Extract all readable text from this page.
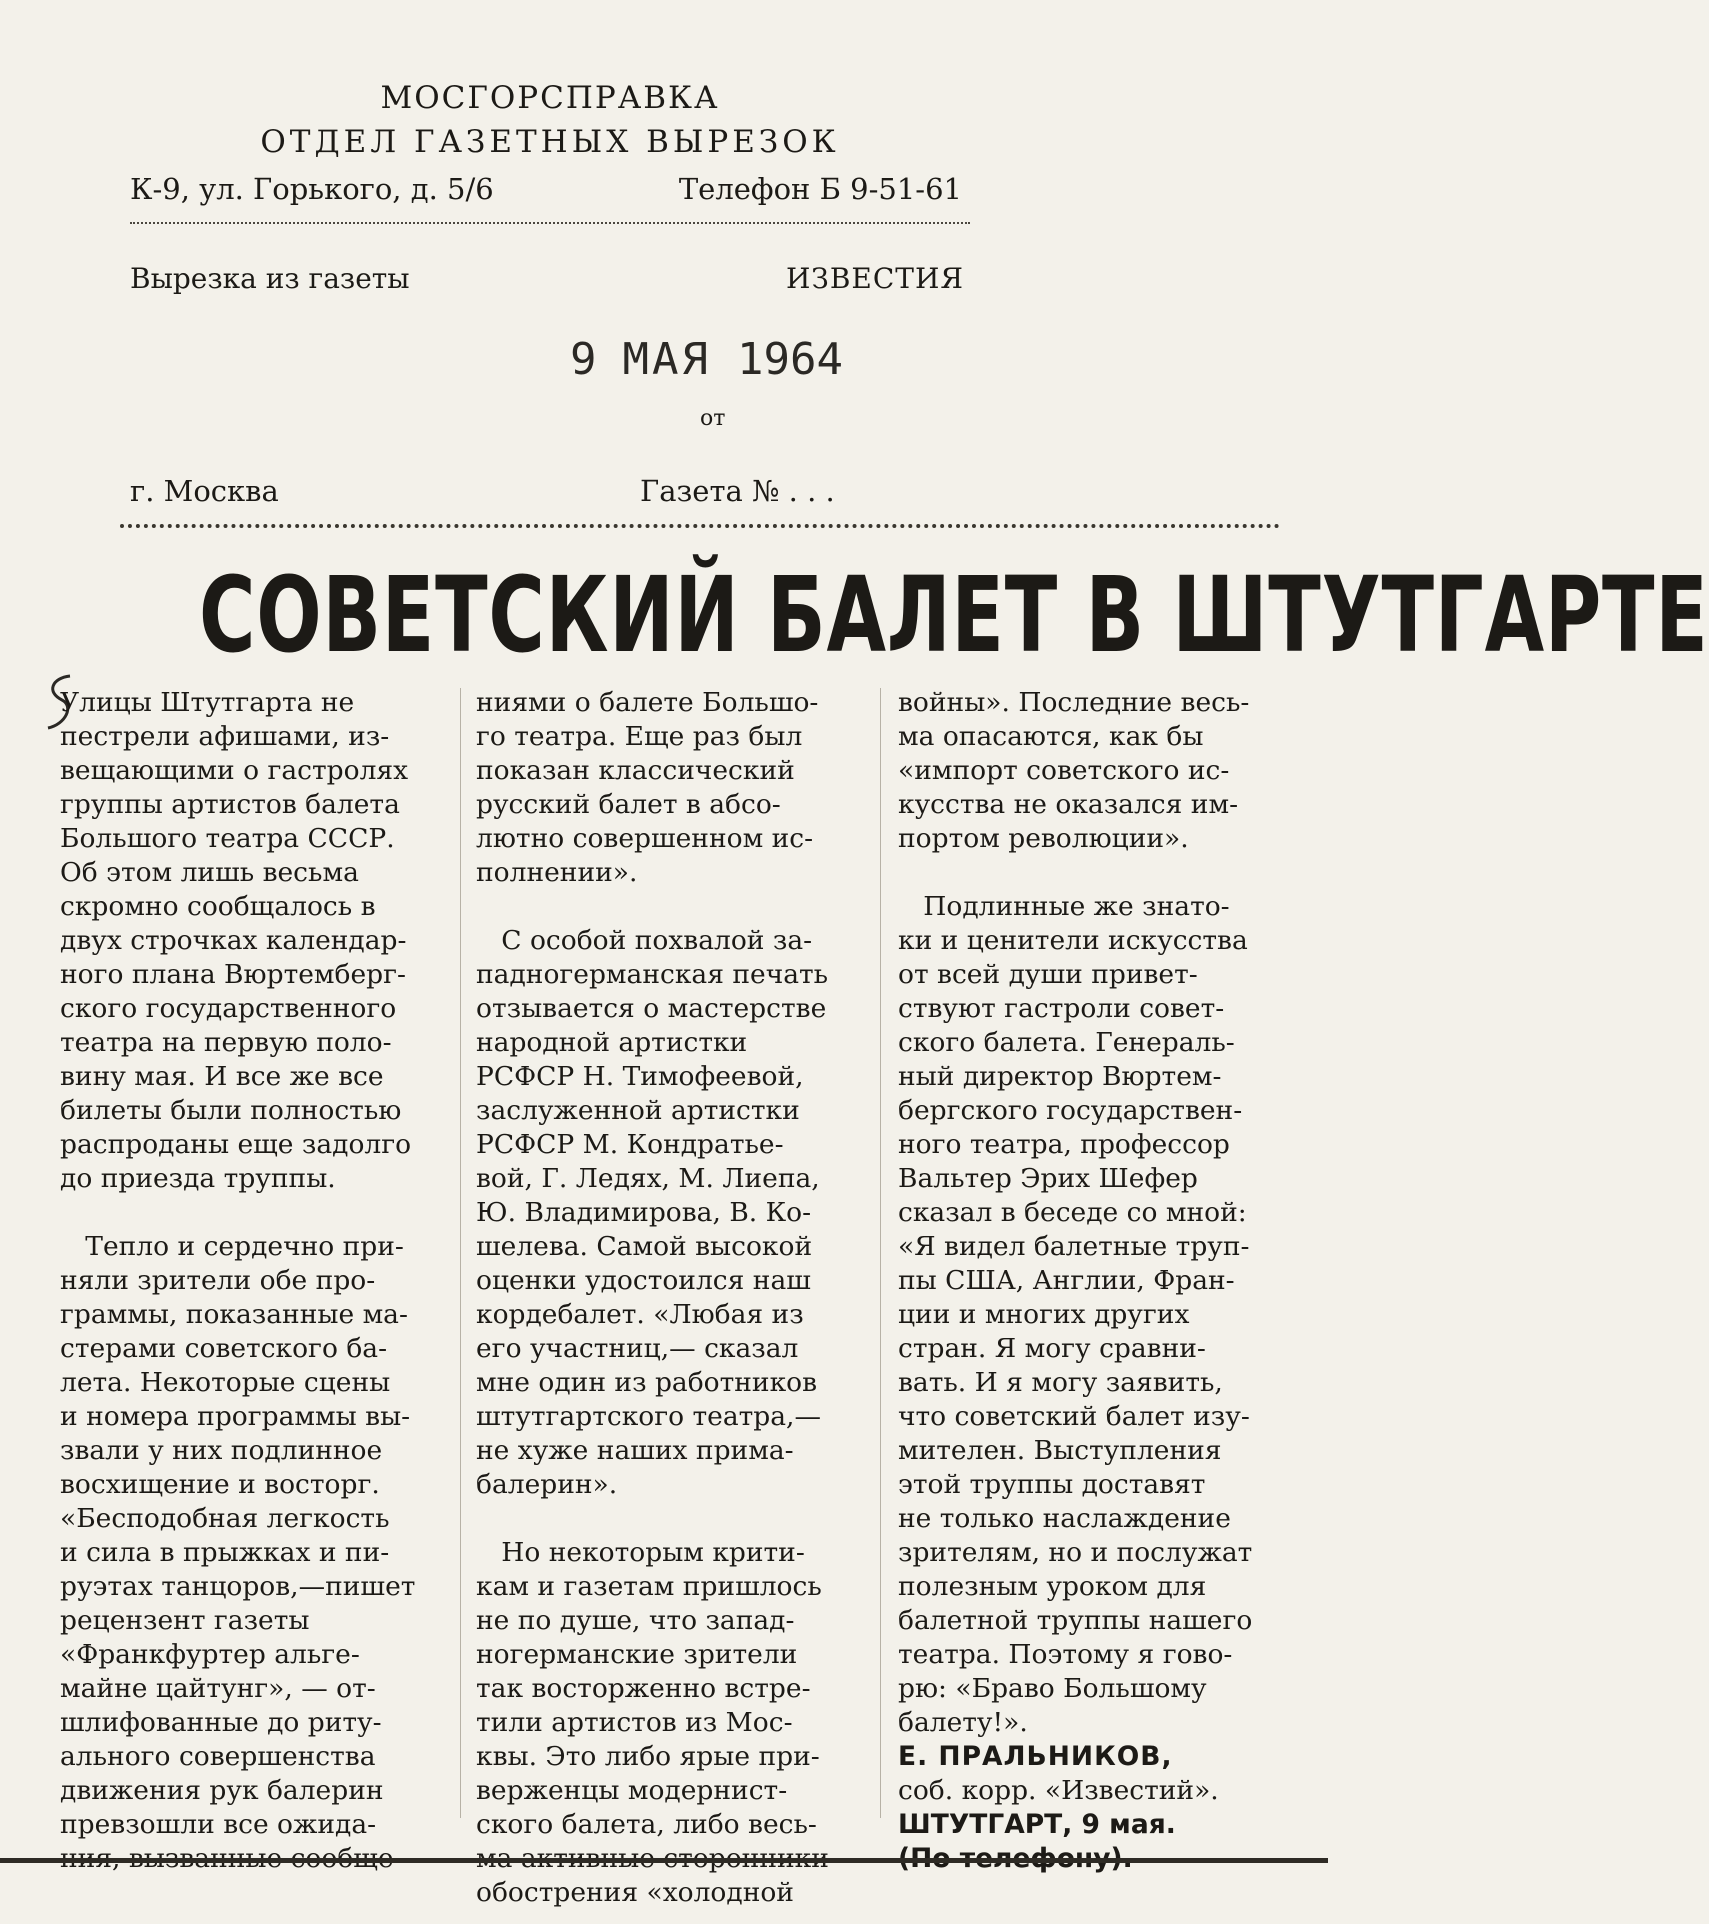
МОСГОРСПРАВКА
ОТДЕЛ ГАЗЕТНЫХ ВЫРЕЗОК
К-9, ул. Горького, д. 5/6	Телефон Б 9-51-61
Вырезка из газеты	ИЗВЕСТИЯ
9 МАЯ 1964
от
г. Москва	Газета № . . .
СОВЕТСКИЙ БАЛЕТ В ШТУТГАРТЕ
Улицы Штутгарта не
пестрели афишами, из-
вещающими о гастролях
группы артистов балета
Большого театра СССР.
Об этом лишь весьма
скромно сообщалось в
двух строчках календар-
ного плана Вюртемберг-
ского государственного
театра на первую поло-
вину мая. И все же все
билеты были полностью
распроданы еще задолго
до приезда труппы.

Тепло и сердечно при-
няли зрители обе про-
граммы, показанные ма-
стерами советского ба-
лета. Некоторые сцены
и номера программы вы-
звали у них подлинное
восхищение и восторг.
«Бесподобная легкость
и сила в прыжках и пи-
руэтах танцоров,—пишет
рецензент газеты
«Франкфуртер альге-
майне цайтунг», — от-
шлифованные до риту-
ального совершенства
движения рук балерин
превзошли все ожида-
ния, вызванные сообще-
ниями о балете Большо-
го театра. Еще раз был
показан классический
русский балет в абсо-
лютно совершенном ис-
полнении».

С особой похвалой за-
падногерманская печать
отзывается о мастерстве
народной артистки
РСФСР Н. Тимофеевой,
заслуженной артистки
РСФСР М. Кондратье-
вой, Г. Ледях, М. Лиепа,
Ю. Владимирова, В. Ко-
шелева. Самой высокой
оценки удостоился наш
кордебалет. «Любая из
его участниц,— сказал
мне один из работников
штутгартского театра,—
не хуже наших прима-
балерин».

Но некоторым крити-
кам и газетам пришлось
не по душе, что запад-
ногерманские зрители
так восторженно встре-
тили артистов из Мос-
квы. Это либо ярые при-
верженцы модернист-
ского балета, либо весь-
ма активные сторонники
обострения «холодной
войны». Последние весь-
ма опасаются, как бы
«импорт советского ис-
кусства не оказался им-
портом революции».

Подлинные же знато-
ки и ценители искусства
от всей души привет-
ствуют гастроли совет-
ского балета. Генераль-
ный директор Вюртем-
бергского государствен-
ного театра, профессор
Вальтер Эрих Шефер
сказал в беседе со мной:
«Я видел балетные труп-
пы США, Англии, Фран-
ции и многих других
стран. Я могу сравни-
вать. И я могу заявить,
что советский балет изу-
мителен. Выступления
этой труппы доставят
не только наслаждение
зрителям, но и послужат
полезным уроком для
балетной труппы нашего
театра. Поэтому я гово-
рю: «Браво Большому
балету!».
Е. ПРАЛЬНИКОВ,
соб. корр. «Известий».
ШТУТГАРТ, 9 мая.
(По телефону).
